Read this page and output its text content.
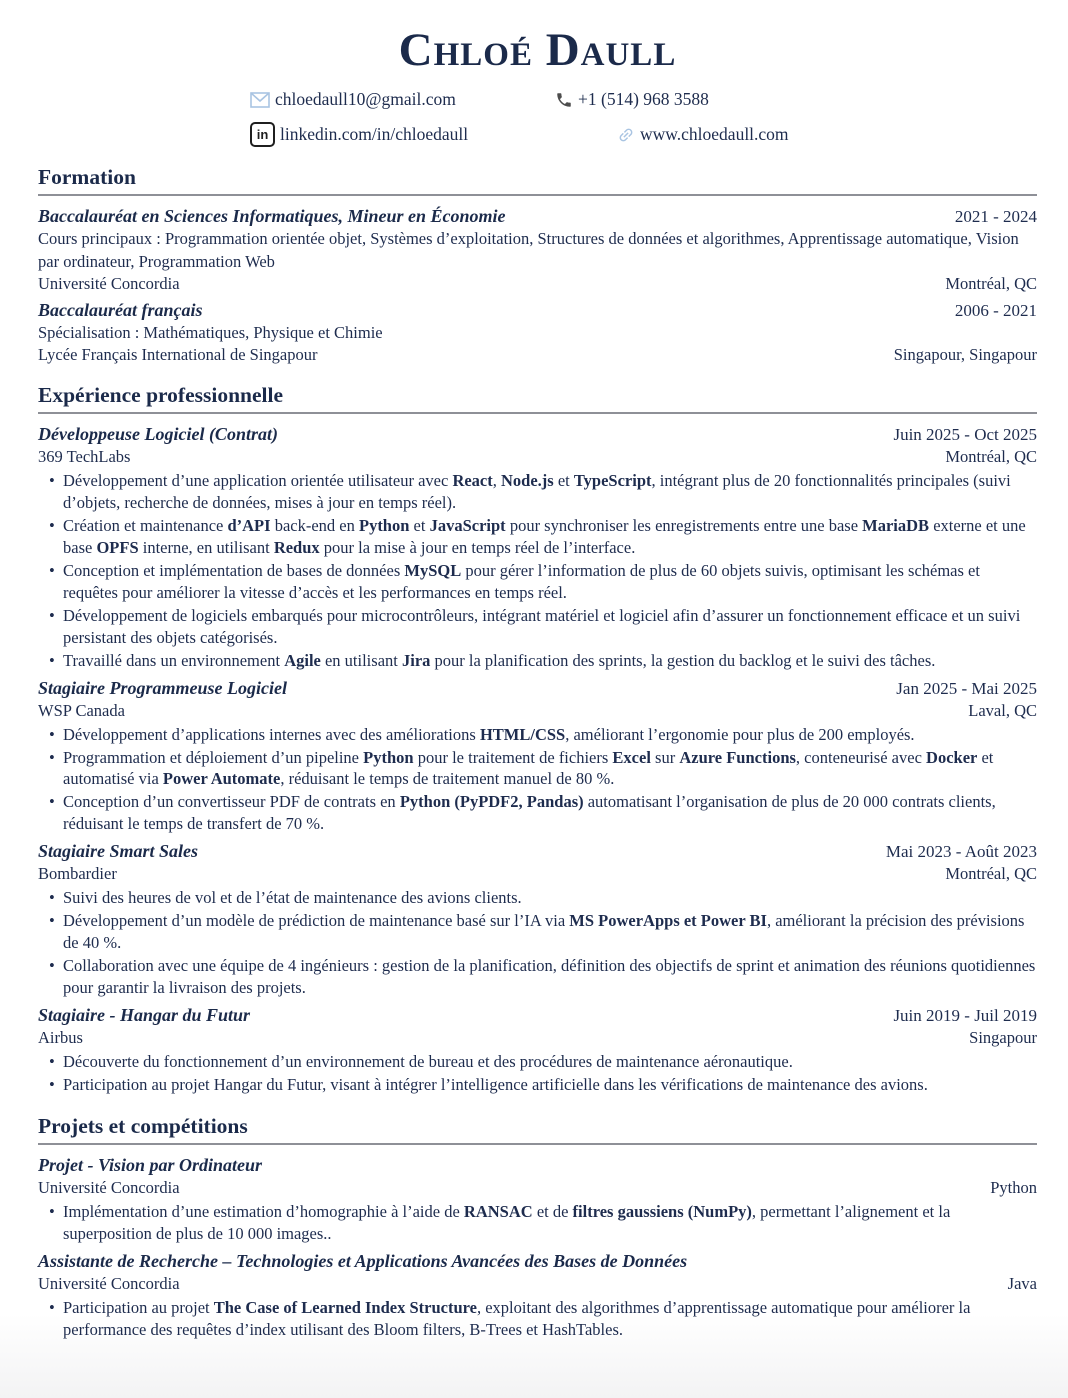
Chloé Daull
chloedaull10@gmail.com	+1 (514) 968 3588
in linkedin.com/in/chloedaull	www.chloedaull.com
Formation
Baccalauréat en Sciences Informatiques, Mineur en Économie	2021 - 2024
Cours principaux : Programmation orientée objet, Systèmes d’exploitation, Structures de données et algorithmes, Apprentissage automatique, Vision par ordinateur, Programmation Web
Université Concordia	Montréal, QC
Baccalauréat français	2006 - 2021
Spécialisation : Mathématiques, Physique et Chimie
Lycée Français International de Singapour	Singapour, Singapour
Expérience professionnelle
Développeuse Logiciel (Contrat)	Juin 2025 - Oct 2025
369 TechLabs	Montréal, QC
• Développement d’une application orientée utilisateur avec React, Node.js et TypeScript, intégrant plus de 20 fonctionnalités principales (suivi d’objets, recherche de données, mises à jour en temps réel).
• Création et maintenance d’API back-end en Python et JavaScript pour synchroniser les enregistrements entre une base MariaDB externe et une base OPFS interne, en utilisant Redux pour la mise à jour en temps réel de l’interface.
• Conception et implémentation de bases de données MySQL pour gérer l’information de plus de 60 objets suivis, optimisant les schémas et requêtes pour améliorer la vitesse d’accès et les performances en temps réel.
• Développement de logiciels embarqués pour microcontrôleurs, intégrant matériel et logiciel afin d’assurer un fonctionnement efficace et un suivi persistant des objets catégorisés.
• Travaillé dans un environnement Agile en utilisant Jira pour la planification des sprints, la gestion du backlog et le suivi des tâches.
Stagiaire Programmeuse Logiciel	Jan 2025 - Mai 2025
WSP Canada	Laval, QC
• Développement d’applications internes avec des améliorations HTML/CSS, améliorant l’ergonomie pour plus de 200 employés.
• Programmation et déploiement d’un pipeline Python pour le traitement de fichiers Excel sur Azure Functions, conteneurisé avec Docker et automatisé via Power Automate, réduisant le temps de traitement manuel de 80 %.
• Conception d’un convertisseur PDF de contrats en Python (PyPDF2, Pandas) automatisant l’organisation de plus de 20 000 contrats clients, réduisant le temps de transfert de 70 %.
Stagiaire Smart Sales	Mai 2023 - Août 2023
Bombardier	Montréal, QC
• Suivi des heures de vol et de l’état de maintenance des avions clients.
• Développement d’un modèle de prédiction de maintenance basé sur l’IA via MS PowerApps et Power BI, améliorant la précision des prévisions de 40 %.
• Collaboration avec une équipe de 4 ingénieurs : gestion de la planification, définition des objectifs de sprint et animation des réunions quotidiennes pour garantir la livraison des projets.
Stagiaire - Hangar du Futur	Juin 2019 - Juil 2019
Airbus	Singapour
• Découverte du fonctionnement d’un environnement de bureau et des procédures de maintenance aéronautique.
• Participation au projet Hangar du Futur, visant à intégrer l’intelligence artificielle dans les vérifications de maintenance des avions.
Projets et compétitions
Projet - Vision par Ordinateur
Université Concordia	Python
• Implémentation d’une estimation d’homographie à l’aide de RANSAC et de filtres gaussiens (NumPy), permettant l’alignement et la superposition de plus de 10 000 images..
Assistante de Recherche – Technologies et Applications Avancées des Bases de Données
Université Concordia	Java
• Participation au projet The Case of Learned Index Structure, exploitant des algorithmes d’apprentissage automatique pour améliorer la performance des requêtes d’index utilisant des Bloom filters, B-Trees et HashTables.
